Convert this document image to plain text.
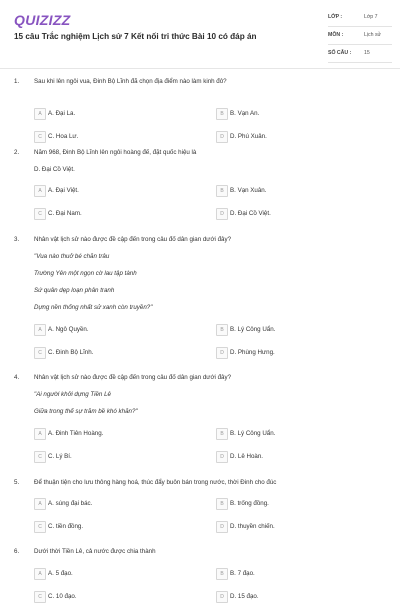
QUIZIZZ
15 câu Trắc nghiệm Lịch sử 7 Kết nối tri thức Bài 10 có đáp án
LỚP :	Lớp 7
MÔN :	Lịch sử
SỐ CÂU : 15
1. Sau khi lên ngôi vua, Đinh Bộ Lĩnh đã chọn địa điểm nào làm kinh đô?
A	A. Đại La.	B	B. Vạn An.
C C. Hoa Lư.	D D. Phú Xuân.
2. Năm 968, Đinh Bộ Lĩnh lên ngôi hoàng đế, đặt quốc hiệu là
D. Đại Cồ Việt.
A	A. Đại Việt.	B	B. Vạn Xuân.
C C. Đại Nam.	D D. Đại Cồ Việt.
3. Nhân vật lịch sử nào được đề cập đến trong câu đố dân gian dưới đây?
"Vua nào thuở bé chăn trâu
Trường Yên một ngọn cờ lau tập tành
Sứ quân dẹp loạn phân tranh
Dựng nền thống nhất sử xanh còn truyền?"
A	A. Ngô Quyền.	B	B. Lý Công Uẩn.
C C. Đinh Bộ Lĩnh.	D D. Phùng Hưng.
4. Nhân vật lịch sử nào được đề cập đến trong câu đố dân gian dưới đây?
"Ai người khởi dựng Tiền Lê
Giữa trong thế sự trăm bề khó khăn?"
A	A. Đinh Tiên Hoàng.	B	B. Lý Công Uẩn.
C C. Lý Bí.	D D. Lê Hoàn.
5. Để thuận tiện cho lưu thông hàng hoá, thúc đẩy buôn bán trong nước, thời Đinh cho đúc
A	A. súng đại bác.	B	B. trống đồng.
C C. tiền đồng.	D D. thuyền chiến.
6. Dưới thời Tiền Lê, cả nước được chia thành
A	A. 5 đạo.	B	B. 7 đạo.
C C. 10 đạo.	D D. 15 đạo.
